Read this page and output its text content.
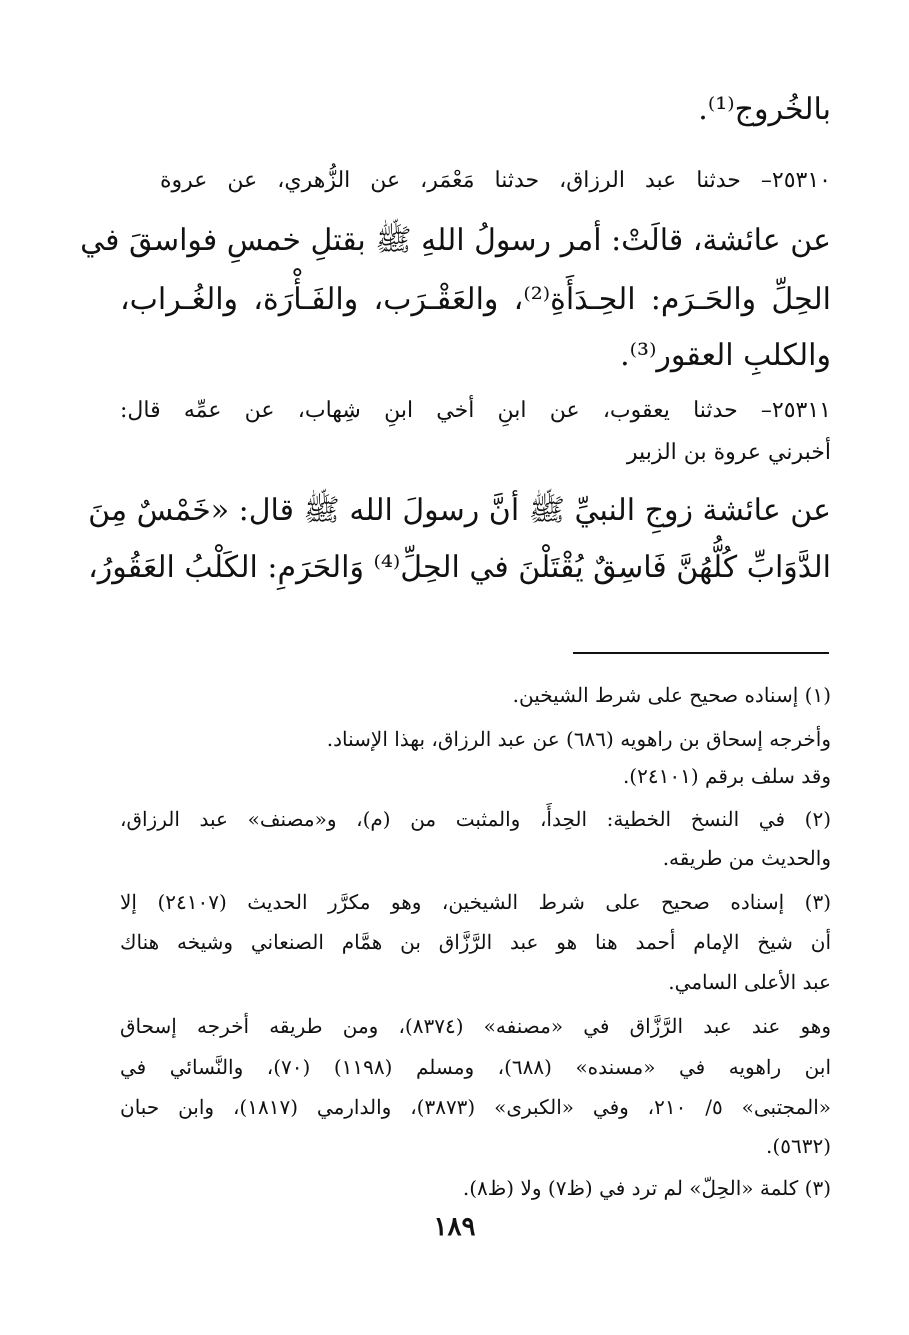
بالخُروج⁽¹⁾.
٢٥٣١٠– حدثنا عبد الرزاق، حدثنا مَعْمَر، عن الزُّهري، عن عروة
عن عائشة، قالَتْ: أمر رسولُ اللهِ ﷺ بقتلِ خمسِ فواسقَ في
الحِلِّ والحَـرَم: الحِـدَأَةِ⁽²⁾، والعَقْـرَب، والفَـأْرَة، والغُـراب،
والكلبِ العقور⁽³⁾.
٢٥٣١١– حدثنا يعقوب، عن ابنِ أخي ابنِ شِهاب، عن عمِّه قال:
أخبرني عروة بن الزبير
عن عائشة زوجِ النبيِّ ﷺ أنَّ رسولَ الله ﷺ قال: «خَمْسٌ مِنَ
الدَّوَابِّ كُلُّهُنَّ فَاسِقٌ يُقْتَلْنَ في الحِلِّ⁽⁴⁾ وَالحَرَمِ: الكَلْبُ العَقُورُ،
(١) إسناده صحيح على شرط الشيخين.
وأخرجه إسحاق بن راهويه (٦٨٦) عن عبد الرزاق، بهذا الإسناد.
وقد سلف برقم (٢٤١٠١).
(٢) في النسخ الخطية: الحِدأَ، والمثبت من (م)، و«مصنف» عبد الرزاق،
والحديث من طريقه.
(٣) إسناده صحيح على شرط الشيخين، وهو مكرَّر الحديث (٢٤١٠٧) إلا
أن شيخ الإمام أحمد هنا هو عبد الرَّزَّاق بن همَّام الصنعاني وشيخه هناك
عبد الأعلى السامي.
وهو عند عبد الرَّزَّاق في «مصنفه» (٨٣٧٤)، ومن طريقه أخرجه إسحاق
ابن راهويه في «مسنده» (٦٨٨)، ومسلم (١١٩٨) (٧٠)، والنَّسائي في
«المجتبى» ٥/ ٢١٠، وفي «الكبرى» (٣٨٧٣)، والدارمي (١٨١٧)، وابن حبان
(٥٦٣٢).
(٣) كلمة «الحِلّ» لم ترد في (ظ٧) ولا (ظ٨).
١٨٩
